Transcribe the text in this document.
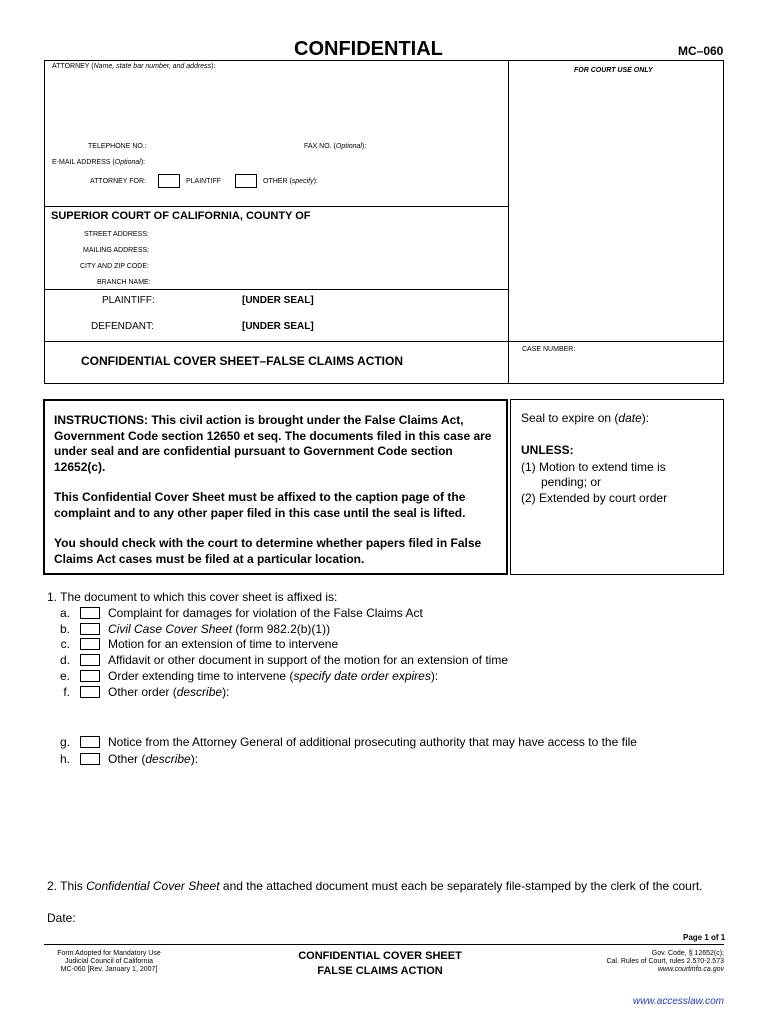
CONFIDENTIAL	MC–060
ATTORNEY (Name, state bar number, and address):
FOR COURT USE ONLY
TELEPHONE NO.:	FAX NO. (Optional):
E-MAIL ADDRESS (Optional):
ATTORNEY FOR:	PLAINTIFF	OTHER (specify):
SUPERIOR COURT OF CALIFORNIA, COUNTY OF
STREET ADDRESS:
MAILING ADDRESS:
CITY AND ZIP CODE:
BRANCH NAME:
PLAINTIFF:	[UNDER SEAL]
DEFENDANT:	[UNDER SEAL]
CONFIDENTIAL COVER SHEET–FALSE CLAIMS ACTION
CASE NUMBER:
INSTRUCTIONS: This civil action is brought under the False Claims Act, Government Code section 12650 et seq. The documents filed in this case are under seal and are confidential pursuant to Government Code section 12652(c).
This Confidential Cover Sheet must be affixed to the caption page of the complaint and to any other paper filed in this case until the seal is lifted.
You should check with the court to determine whether papers filed in False Claims Act cases must be filed at a particular location.
Seal to expire on (date):
UNLESS:
(1) Motion to extend time is
pending; or
(2) Extended by court order
1. The document to which this cover sheet is affixed is:
a.	Complaint for damages for violation of the False Claims Act
b.	Civil Case Cover Sheet (form 982.2(b)(1))
c.	Motion for an extension of time to intervene
d.	Affidavit or other document in support of the motion for an extension of time
e.	Order extending time to intervene (specify date order expires):
f.	Other order (describe):
g.	Notice from the Attorney General of additional prosecuting authority that may have access to the file
h.	Other (describe):
2. This Confidential Cover Sheet and the attached document must each be separately file-stamped by the clerk of the court.
Date:
Page 1 of 1
Form Adopted for Mandatory Use
Judicial Council of California
MC-060 [Rev. January 1, 2007]
CONFIDENTIAL COVER SHEET
FALSE CLAIMS ACTION
Gov. Code, § 12652(c);
Cal. Rules of Court, rules 2.570-2.573
www.courtinfo.ca.gov
www.accesslaw.com
